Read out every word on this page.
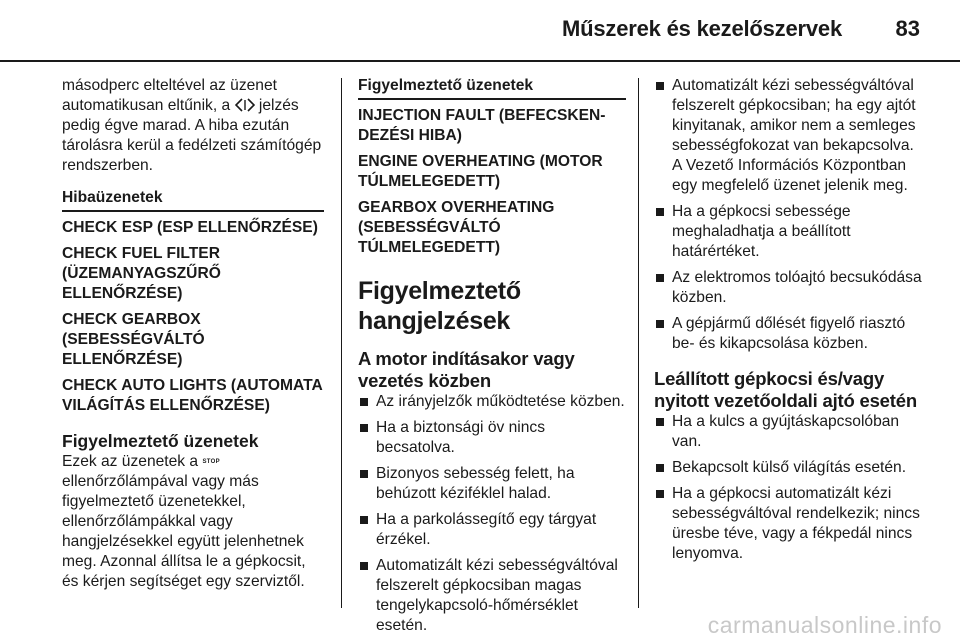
Műszerek és kezelőszervek 83

másodperc elteltével az üzenet automatikusan eltűnik, a jelzés pedig égve marad. A hiba ezután tárolásra kerül a fedélzeti számítógép rendszerben.

Hibaüzenetek
CHECK ESP (ESP ELLENŐRZÉSE)
CHECK FUEL FILTER (ÜZEMANYAGSZŰRŐ ELLENŐRZÉSE)
CHECK GEARBOX (SEBESSÉGVÁLTÓ ELLENŐRZÉSE)
CHECK AUTO LIGHTS (AUTOMATA VILÁGÍTÁS ELLENŐRZÉSE)
Figyelmeztető üzenetek

Ezek az üzenetek a STOP ellenőrzőlámpával vagy más figyelmeztető üzenetekkel, ellenőrzőlámpákkal vagy hangjelzésekkel együtt jelenhetnek meg. Azonnal állítsa le a gépkocsit, és kérjen segítséget egy szerviztől.

Figyelmeztető üzenetek
INJECTION FAULT (BEFECSKEN-DEZÉSI HIBA)
ENGINE OVERHEATING (MOTOR TÚLMELEGEDETT)
GEARBOX OVERHEATING (SEBESSÉGVÁLTÓ TÚLMELEGEDETT)
Figyelmeztető hangjelzések
A motor indításakor vagy vezetés közben
Az irányjelzők működtetése közben.
Ha a biztonsági öv nincs becsatolva.
Bizonyos sebesség felett, ha behúzott kéziféklel halad.
Ha a parkolássegítő egy tárgyat érzékel.
Automatizált kézi sebességváltóval felszerelt gépkocsiban magas tengelykapcsoló-hőmérséklet esetén.
Automatizált kézi sebességváltóval felszerelt gépkocsiban; ha egy ajtót kinyitanak, amikor nem a semleges sebességfokozat van bekapcsolva. A Vezető Információs Központban egy megfelelő üzenet jelenik meg.
Ha a gépkocsi sebessége meghaladhatja a beállított határértéket.
Az elektromos tolóajtó becsukódása közben.
A gépjármű dőlését figyelő riasztó be- és kikapcsolása közben.
Leállított gépkocsi és/vagy nyitott vezetőoldali ajtó esetén
Ha a kulcs a gyújtáskapcsolóban van.
Bekapcsolt külső világítás esetén.
Ha a gépkocsi automatizált kézi sebességváltóval rendelkezik; nincs üresbe téve, vagy a fékpedál nincs lenyomva.
carmanualsonline.info
